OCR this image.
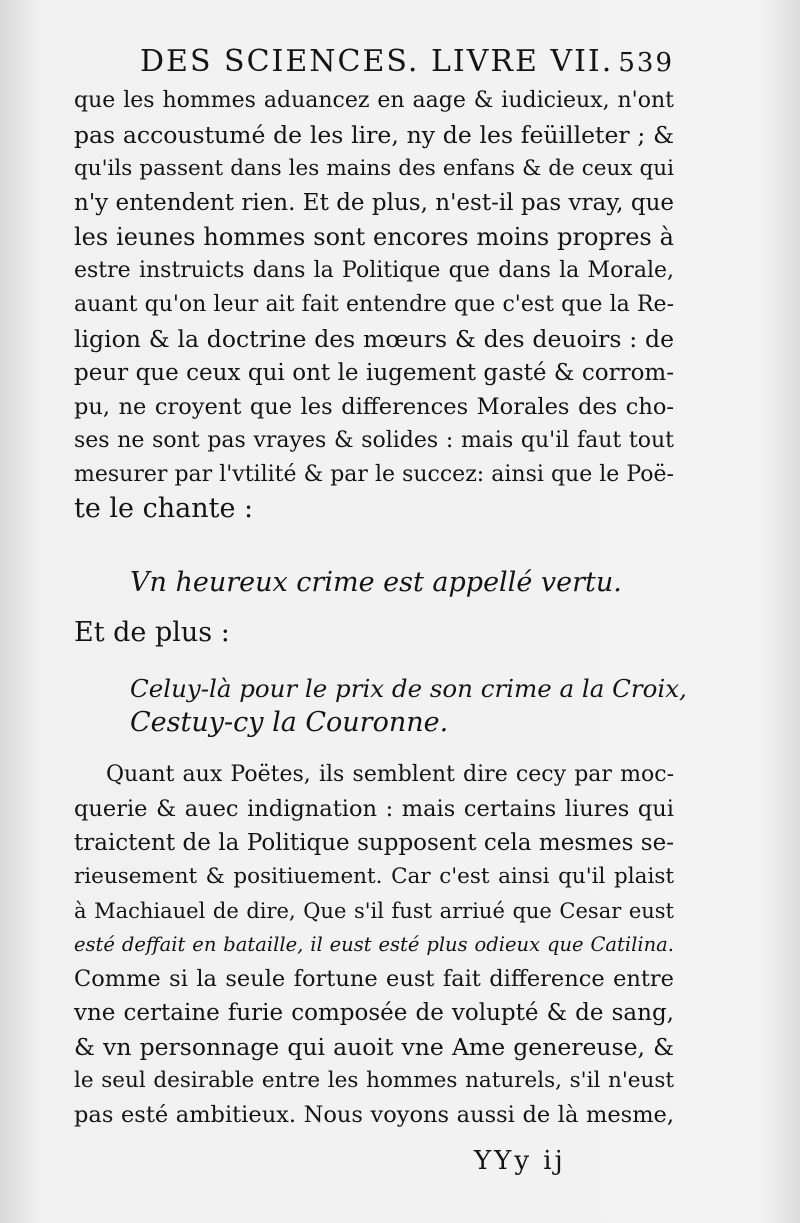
DES SCIENCES. LIVRE VII. 539
que les hommes aduancez en aage & iudicieux, n'ont
pas accoustumé de les lire, ny de les feüilleter ; &
qu'ils passent dans les mains des enfans & de ceux qui
n'y entendent rien. Et de plus, n'est-il pas vray, que
les ieunes hommes sont encores moins propres à
estre instruicts dans la Politique que dans la Morale,
auant qu'on leur ait fait entendre que c'est que la Re-
ligion & la doctrine des mœurs & des deuoirs : de
peur que ceux qui ont le iugement gasté & corrom-
pu, ne croyent que les differences Morales des cho-
ses ne sont pas vrayes & solides : mais qu'il faut tout
mesurer par l'vtilité & par le succez: ainsi que le Poë-
te le chante :
Vn heureux crime est appellé vertu.
Et de plus :
Celuy-là pour le prix de son crime a la Croix,
Cestuy-cy la Couronne.
Quant aux Poëtes, ils semblent dire cecy par moc-
querie & auec indignation : mais certains liures qui
traictent de la Politique supposent cela mesmes se-
rieusement & positiuement. Car c'est ainsi qu'il plaist
à Machiauel de dire, Que s'il fust arriué que Cesar eust
esté deffait en bataille, il eust esté plus odieux que Catilina.
Comme si la seule fortune eust fait difference entre
vne certaine furie composée de volupté & de sang,
& vn personnage qui auoit vne Ame genereuse, &
le seul desirable entre les hommes naturels, s'il n'eust
pas esté ambitieux. Nous voyons aussi de là mesme,
YYy ij
